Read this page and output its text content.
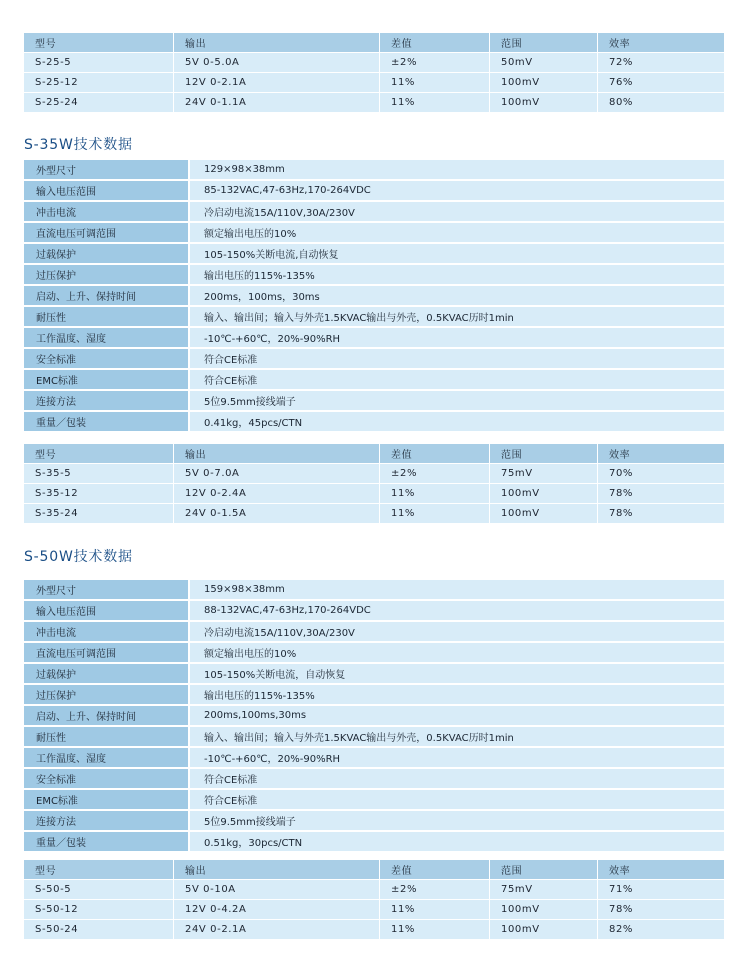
型号	输出	差值	范围	效率
S-25-5	5V 0-5.0A	±2%	50mV	72%
S-25-12	12V 0-2.1A	11%	100mV	76%
S-25-24	24V 0-1.1A	11%	100mV	80%
S-35W技术数据
外型尺寸	129×98×38mm
输入电压范围	85-132VAC,47-63Hz,170-264VDC
冲击电流	冷启动电流15A/110V,30A/230V
直流电压可调范围	额定输出电压的10%
过载保护	105-150%关断电流,自动恢复
过压保护	输出电压的115%-135%
启动、上升、保持时间	200ms，100ms，30ms
耐压性	输入、输出间；输入与外壳1.5KVAC输出与外壳，0.5KVAC历时1min
工作温度、湿度	-10℃-+60℃，20%-90%RH
安全标准	符合CE标准
EMC标准	符合CE标准
连接方法	5位9.5mm接线端子
重量／包装	0.41kg，45pcs/CTN
型号	输出	差值	范围	效率
S-35-5	5V 0-7.0A	±2%	75mV	70%
S-35-12	12V 0-2.4A	11%	100mV	78%
S-35-24	24V 0-1.5A	11%	100mV	78%
S-50W技术数据
外型尺寸	159×98×38mm
输入电压范围	88-132VAC,47-63Hz,170-264VDC
冲击电流	冷启动电流15A/110V,30A/230V
直流电压可调范围	额定输出电压的10%
过载保护	105-150%关断电流，自动恢复
过压保护	输出电压的115%-135%
启动、上升、保持时间	200ms,100ms,30ms
耐压性	输入、输出间；输入与外壳1.5KVAC输出与外壳，0.5KVAC历时1min
工作温度、湿度	-10℃-+60℃，20%-90%RH
安全标准	符合CE标准
EMC标准	符合CE标准
连接方法	5位9.5mm接线端子
重量／包装	0.51kg，30pcs/CTN
型号	输出	差值	范围	效率
S-50-5	5V 0-10A	±2%	75mV	71%
S-50-12	12V 0-4.2A	11%	100mV	78%
S-50-24	24V 0-2.1A	11%	100mV	82%
